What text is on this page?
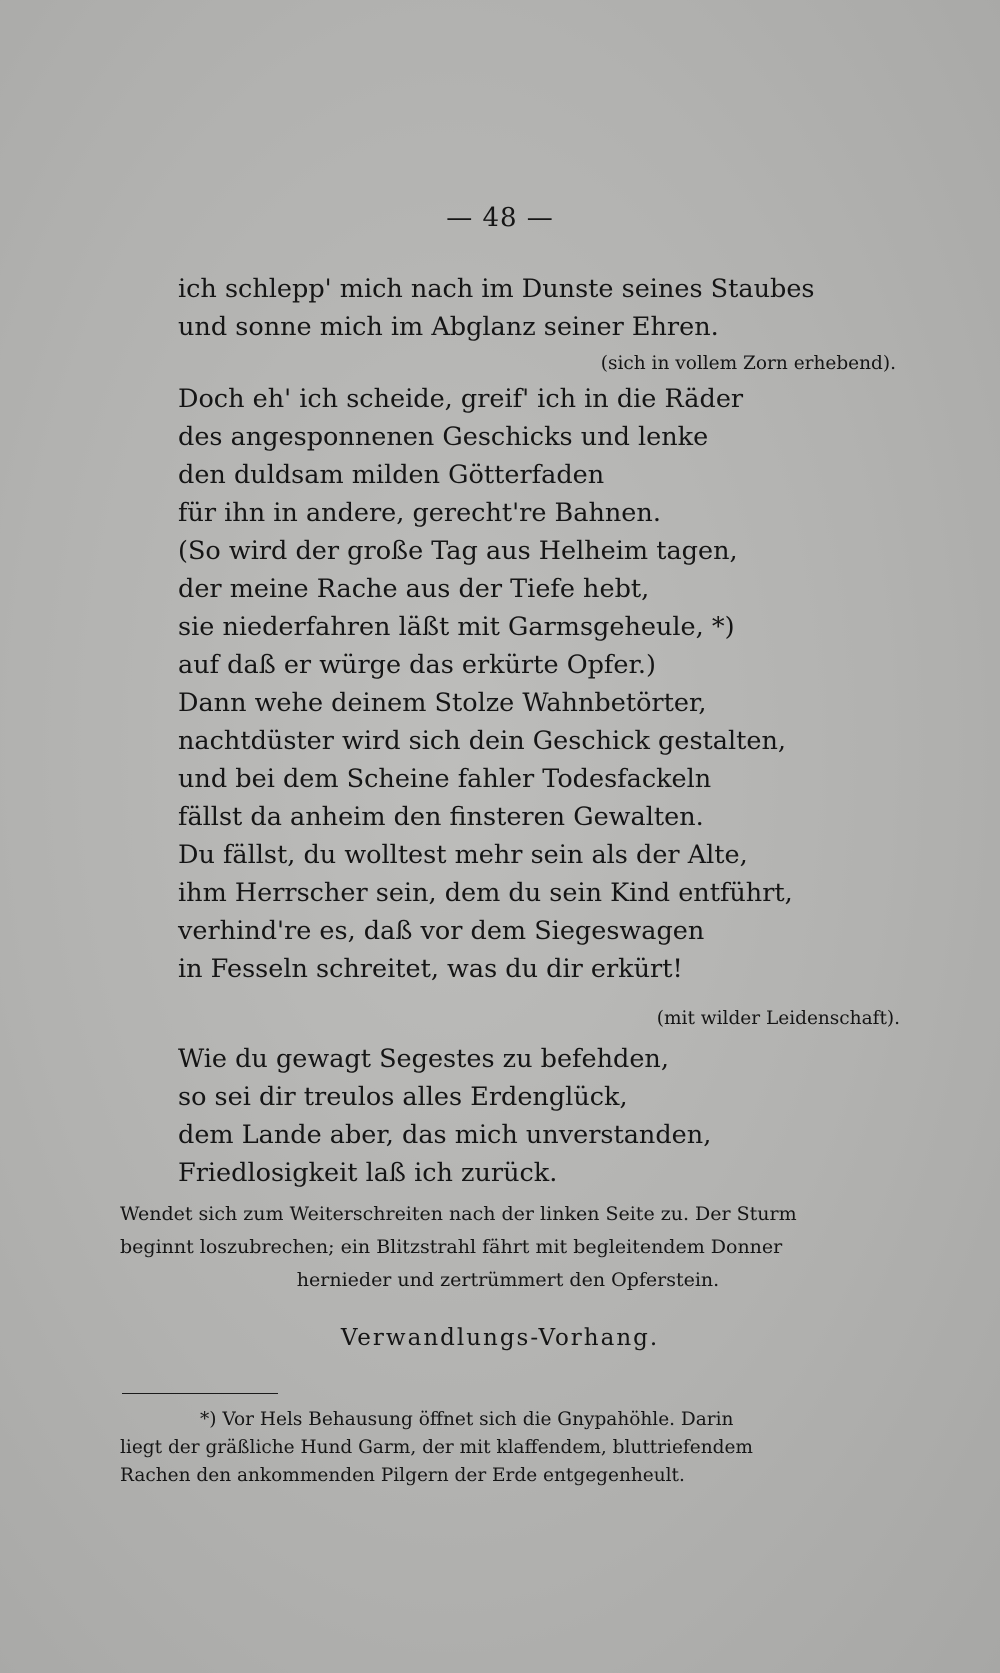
— 48 —
ich schlepp' mich nach im Dunste seines Staubes
und sonne mich im Abglanz seiner Ehren.
(sich in vollem Zorn erhebend).
Doch eh' ich scheide, greif' ich in die Räder
des angesponnenen Geschicks und lenke
den duldsam milden Götterfaden
für ihn in andere, gerecht're Bahnen.
(So wird der große Tag aus Helheim tagen,
der meine Rache aus der Tiefe hebt,
sie niederfahren läßt mit Garmsgeheule, *)
auf daß er würge das erkürte Opfer.)
Dann wehe deinem Stolze Wahnbetörter,
nachtdüster wird sich dein Geschick gestalten,
und bei dem Scheine fahler Todesfackeln
fällst da anheim den finsteren Gewalten.
Du fällst, du wolltest mehr sein als der Alte,
ihm Herrscher sein, dem du sein Kind entführt,
verhind're es, daß vor dem Siegeswagen
in Fesseln schreitet, was du dir erkürt!
(mit wilder Leidenschaft).
Wie du gewagt Segestes zu befehden,
so sei dir treulos alles Erdenglück,
dem Lande aber, das mich unverstanden,
Friedlosigkeit laß ich zurück.
Wendet sich zum Weiterschreiten nach der linken Seite zu. Der Sturm
beginnt loszubrechen; ein Blitzstrahl fährt mit begleitendem Donner
hernieder und zertrümmert den Opferstein.
Verwandlungs-Vorhang.
*) Vor Hels Behausung öffnet sich die Gnypahöhle. Darin
liegt der gräßliche Hund Garm, der mit klaffendem, bluttriefendem
Rachen den ankommenden Pilgern der Erde entgegenheult.
